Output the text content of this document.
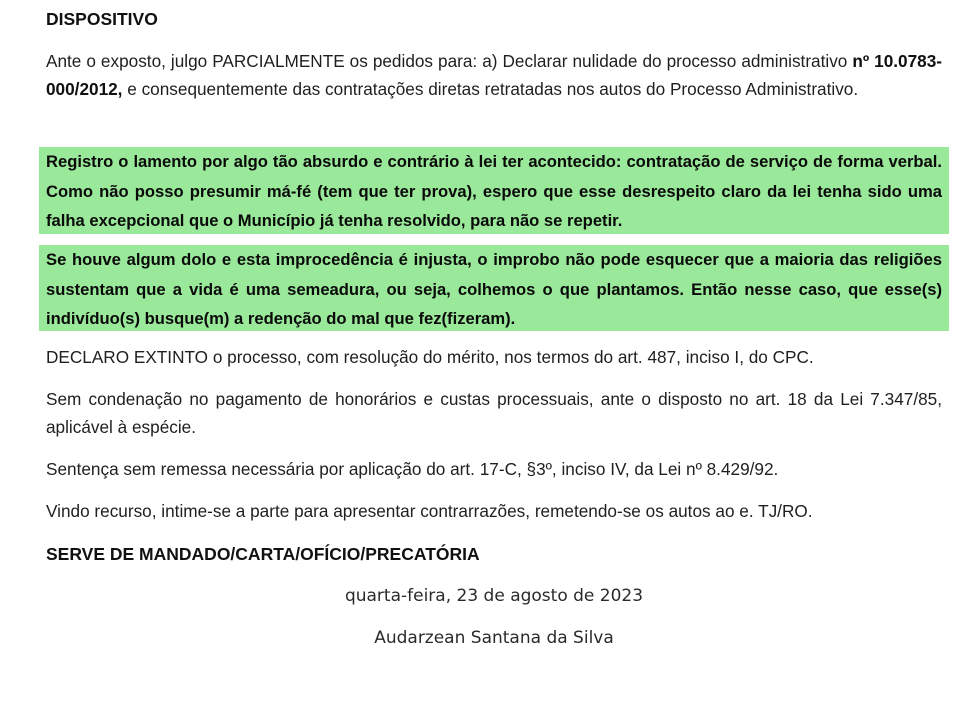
DISPOSITIVO
Ante o exposto, julgo PARCIALMENTE os pedidos para: a) Declarar nulidade do processo administrativo nº 10.0783-000/2012, e consequentemente das contratações diretas retratadas nos autos do Processo Administrativo.
Registro o lamento por algo tão absurdo e contrário à lei ter acontecido: contratação de serviço de forma verbal. Como não posso presumir má-fé (tem que ter prova), espero que esse desrespeito claro da lei tenha sido uma falha excepcional que o Município já tenha resolvido, para não se repetir.
Se houve algum dolo e esta improcedência é injusta, o improbo não pode esquecer que a maioria das religiões sustentam que a vida é uma semeadura, ou seja, colhemos o que plantamos. Então nesse caso, que esse(s) indivíduo(s) busque(m) a redenção do mal que fez(fizeram).
DECLARO EXTINTO o processo, com resolução do mérito, nos termos do art. 487, inciso I, do CPC.
Sem condenação no pagamento de honorários e custas processuais, ante o disposto no art. 18 da Lei 7.347/85, aplicável à espécie.
Sentença sem remessa necessária por aplicação do art. 17-C, §3º, inciso IV, da Lei nº 8.429/92.
Vindo recurso, intime-se a parte para apresentar contrarrazões, remetendo-se os autos ao e. TJ/RO.
SERVE DE MANDADO/CARTA/OFÍCIO/PRECATÓRIA
quarta-feira, 23 de agosto de 2023
Audarzean Santana da Silva
